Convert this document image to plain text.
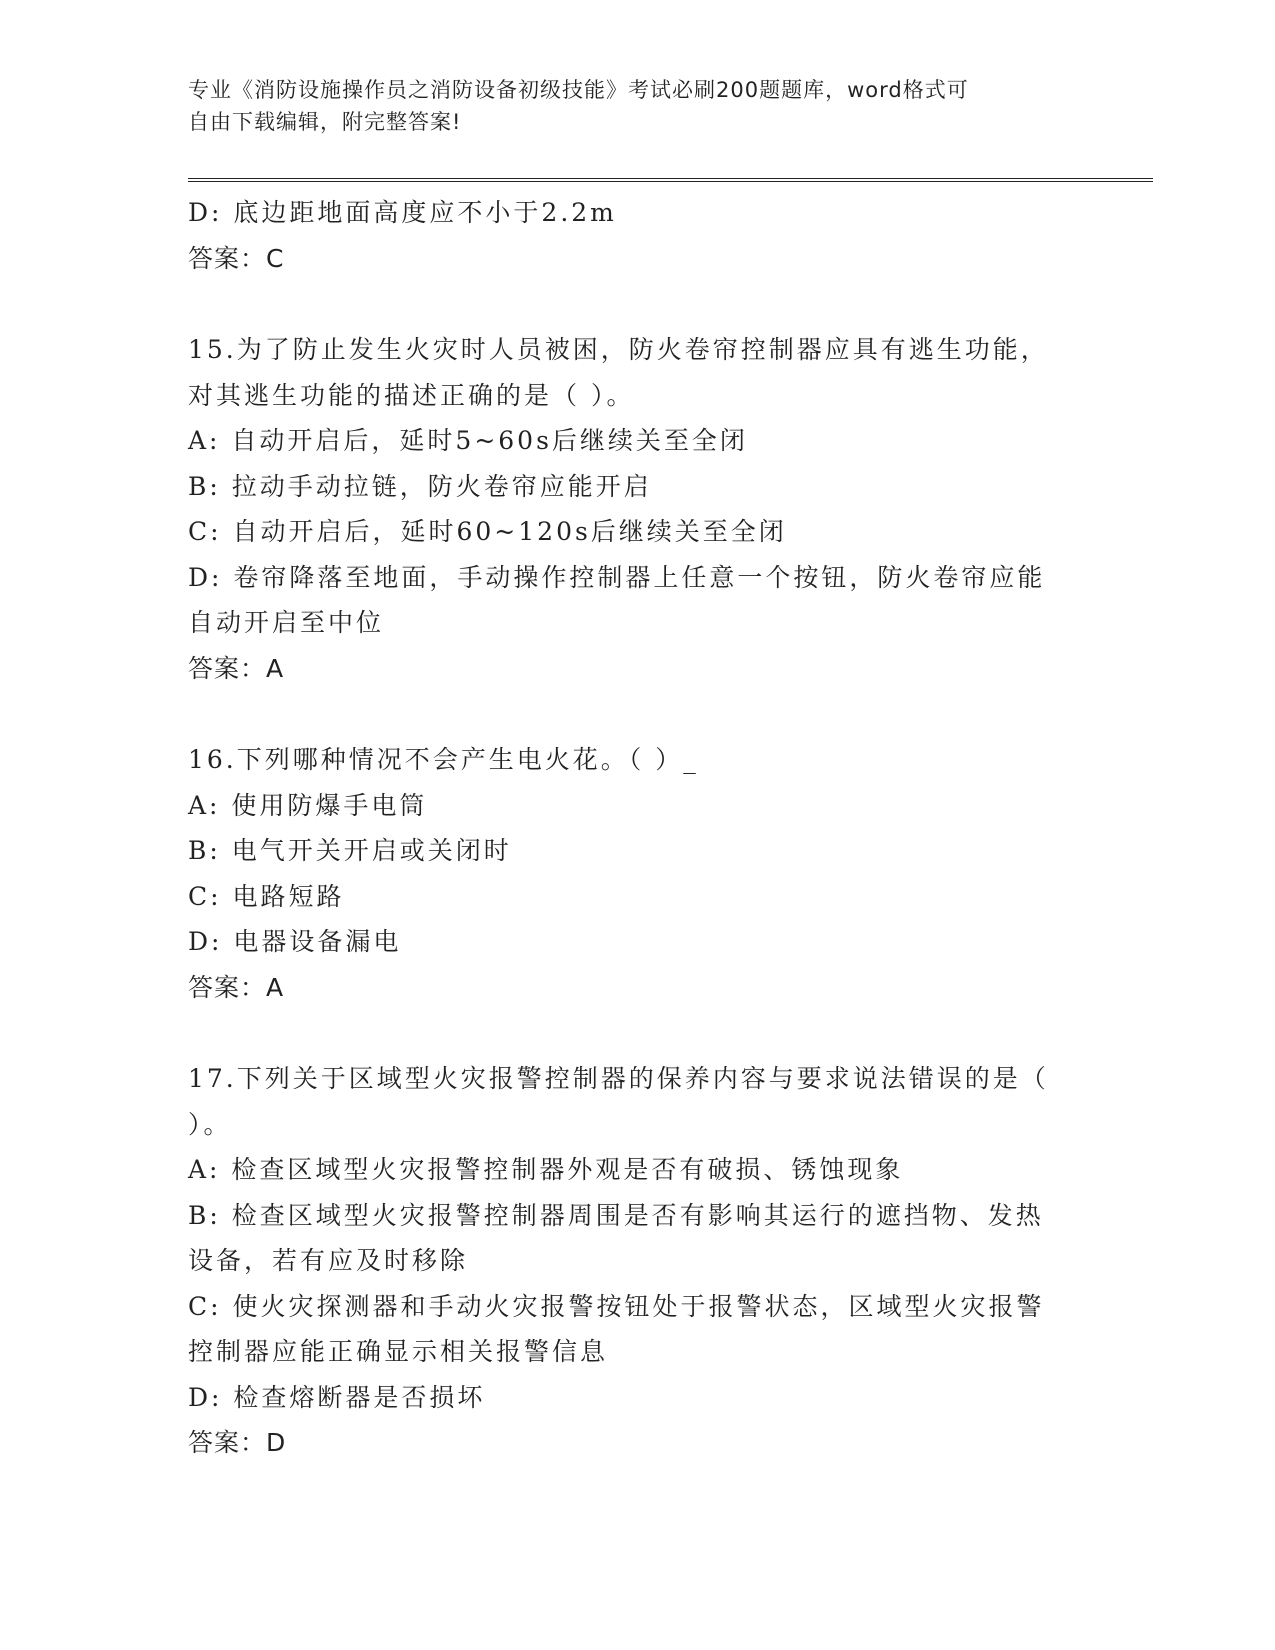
专业《消防设施操作员之消防设备初级技能》考试必刷200题题库，word格式可
自由下载编辑，附完整答案!
D: 底边距地面高度应不小于2.2m
答案：C
15.为了防止发生火灾时人员被困，防火卷帘控制器应具有逃生功能，
对其逃生功能的描述正确的是（ ）。
A: 自动开启后，延时5~60s后继续关至全闭
B: 拉动手动拉链，防火卷帘应能开启
C: 自动开启后，延时60~120s后继续关至全闭
D: 卷帘降落至地面，手动操作控制器上任意一个按钮，防火卷帘应能
自动开启至中位
答案：A
16.下列哪种情况不会产生电火花。（ ）_
A: 使用防爆手电筒
B: 电气开关开启或关闭时
C: 电路短路
D: 电器设备漏电
答案：A
17.下列关于区域型火灾报警控制器的保养内容与要求说法错误的是（
）。
A: 检查区域型火灾报警控制器外观是否有破损、锈蚀现象
B: 检查区域型火灾报警控制器周围是否有影响其运行的遮挡物、发热
设备，若有应及时移除
C: 使火灾探测器和手动火灾报警按钮处于报警状态，区域型火灾报警
控制器应能正确显示相关报警信息
D: 检查熔断器是否损坏
答案：D
